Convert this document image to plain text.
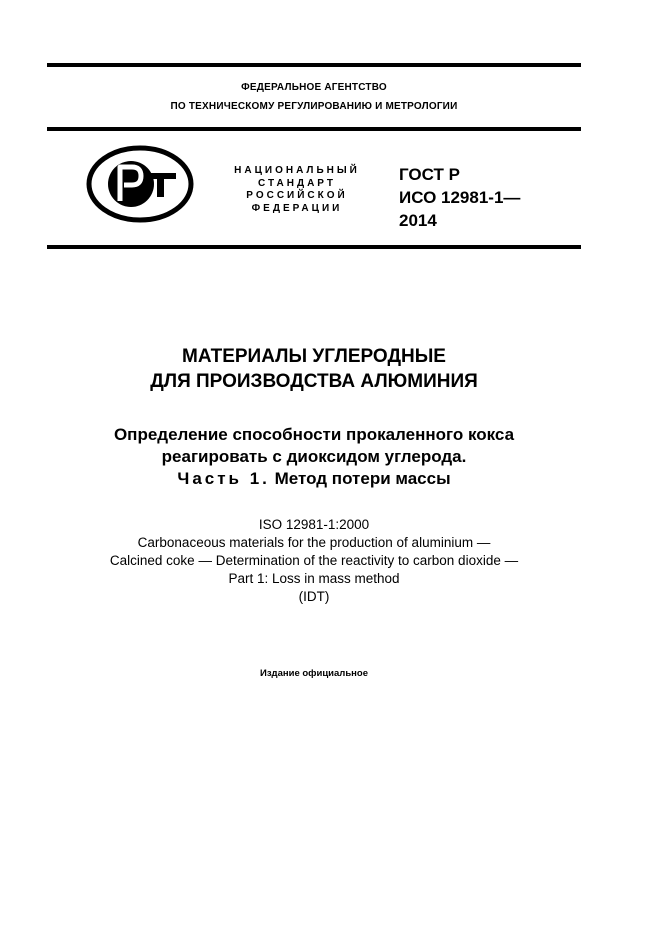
ФЕДЕРАЛЬНОЕ АГЕНТСТВО
ПО ТЕХНИЧЕСКОМУ РЕГУЛИРОВАНИЮ И МЕТРОЛОГИИ
НАЦИОНАЛЬНЫЙ
СТАНДАРТ
РОССИЙСКОЙ
ФЕДЕРАЦИИ
ГОСТ Р
ИСО 12981-1—
2014
МАТЕРИАЛЫ УГЛЕРОДНЫЕ
ДЛЯ ПРОИЗВОДСТВА АЛЮМИНИЯ
Определение способности прокаленного кокса
реагировать с диоксидом углерода.
Часть 1. Метод потери массы
ISO 12981-1:2000
Carbonaceous materials for the production of aluminium —
Calcined coke — Determination of the reactivity to carbon dioxide —
Part 1: Loss in mass method
(IDT)
Издание официальное
